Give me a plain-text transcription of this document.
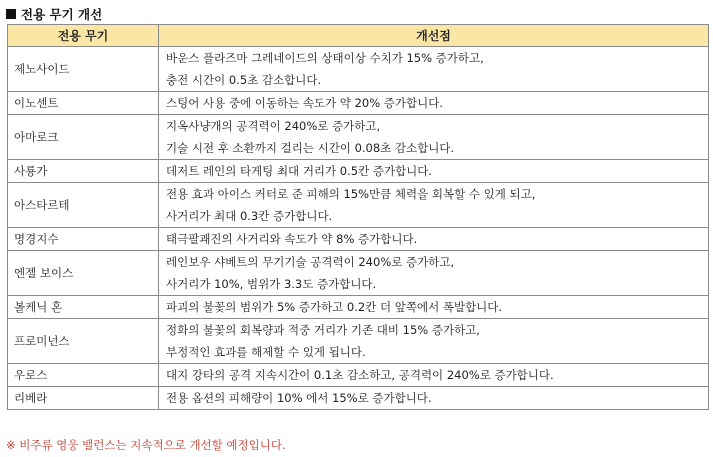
전용 무기 개선
전용 무기	개선점
제노사이드	바운스 플라즈마 그레네이드의 상태이상 수치가 15% 증가하고,
충전 시간이 0.5초 감소합니다.

이노센트	스팅어 사용 중에 이동하는 속도가 약 20% 증가합니다.

아마로크	지옥사냥개의 공격력이 240%로 증가하고,
기술 시전 후 소환까지 걸리는 시간이 0.08초 감소합니다.

사룡가	데저트 레인의 타게팅 최대 거리가 0.5칸 증가합니다.

아스타르테	전용 효과 아이스 커터로 준 피해의 15%만큼 체력을 회복할 수 있게 되고,
사거리가 최대 0.3칸 증가합니다.

명경지수	태극팔괘진의 사거리와 속도가 약 8% 증가합니다.

엔젤 보이스	레인보우 샤베트의 무기기술 공격력이 240%로 증가하고,
사거리가 10%, 범위가 3.3도 증가합니다.

볼케닉 혼	파괴의 불꽃의 범위가 5% 증가하고 0.2칸 더 앞쪽에서 폭발합니다.

프로미넌스	정화의 불꽃의 회복량과 적중 거리가 기존 대비 15% 증가하고,
부정적인 효과를 해제할 수 있게 됩니다.

우로스	대지 강타의 공격 지속시간이 0.1초 감소하고, 공격력이 240%로 증가합니다.

리베라	전용 옵션의 피해량이 10% 에서 15%로 증가합니다.
※ 비주류 영웅 밸런스는 지속적으로 개선할 예정입니다.
